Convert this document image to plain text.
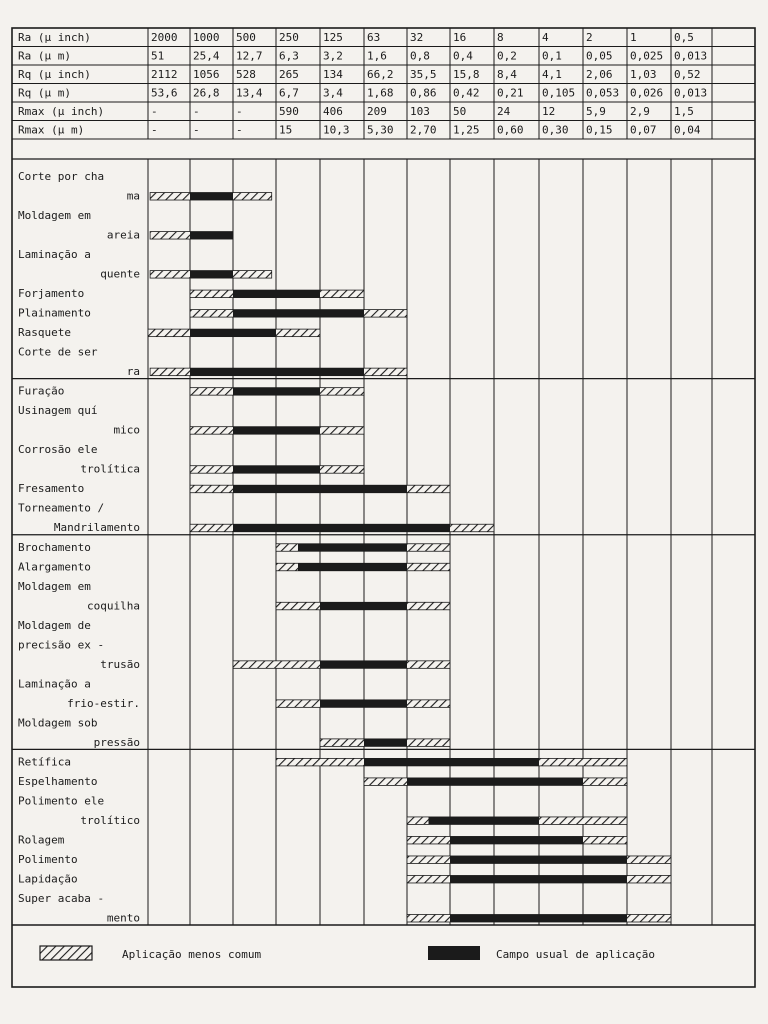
Ra (µ inch)	2000 1000 500 250 125 63	32	16	8	4	2	1	0,5
Ra (µ m)	51	25,4 12,7 6,3 3,2 1,6 0,8 0,4 0,2 0,1 0,05 0,025 0,013
Rq (µ inch)	2112 1056 528 265 134 66,2 35,5 15,8 8,4 4,1 2,06 1,03 0,52
Rq (µ m)	53,6 26,8 13,4 6,7 3,4 1,68 0,86 0,42 0,21 0,105 0,053 0,026 0,013
Rmax (µ inch)	-	-	-	590 406 209 103 50	24	12	5,9 2,9 1,5
Rmax (µ m)	-	-	-	15	10,3 5,30 2,70 1,25 0,60 0,30 0,15 0,07 0,04
Corte por cha
ma
Moldagem em
areia
Laminação a
quente
Forjamento
Plainamento
Rasquete
Corte de ser
ra
Furação
Usinagem quí
mico
Corrosão ele
trolítica
Fresamento
Torneamento /
Mandrilamento
Brochamento
Alargamento
Moldagem em
coquilha
Moldagem de
precisão ex -
trusão
Laminação a
frio-estir.
Moldagem sob
pressão
Retífica
Espelhamento
Polimento ele
trolítico
Rolagem
Polimento
Lapidação
Super acaba -
mento
Aplicação menos comum	Campo usual de aplicação
